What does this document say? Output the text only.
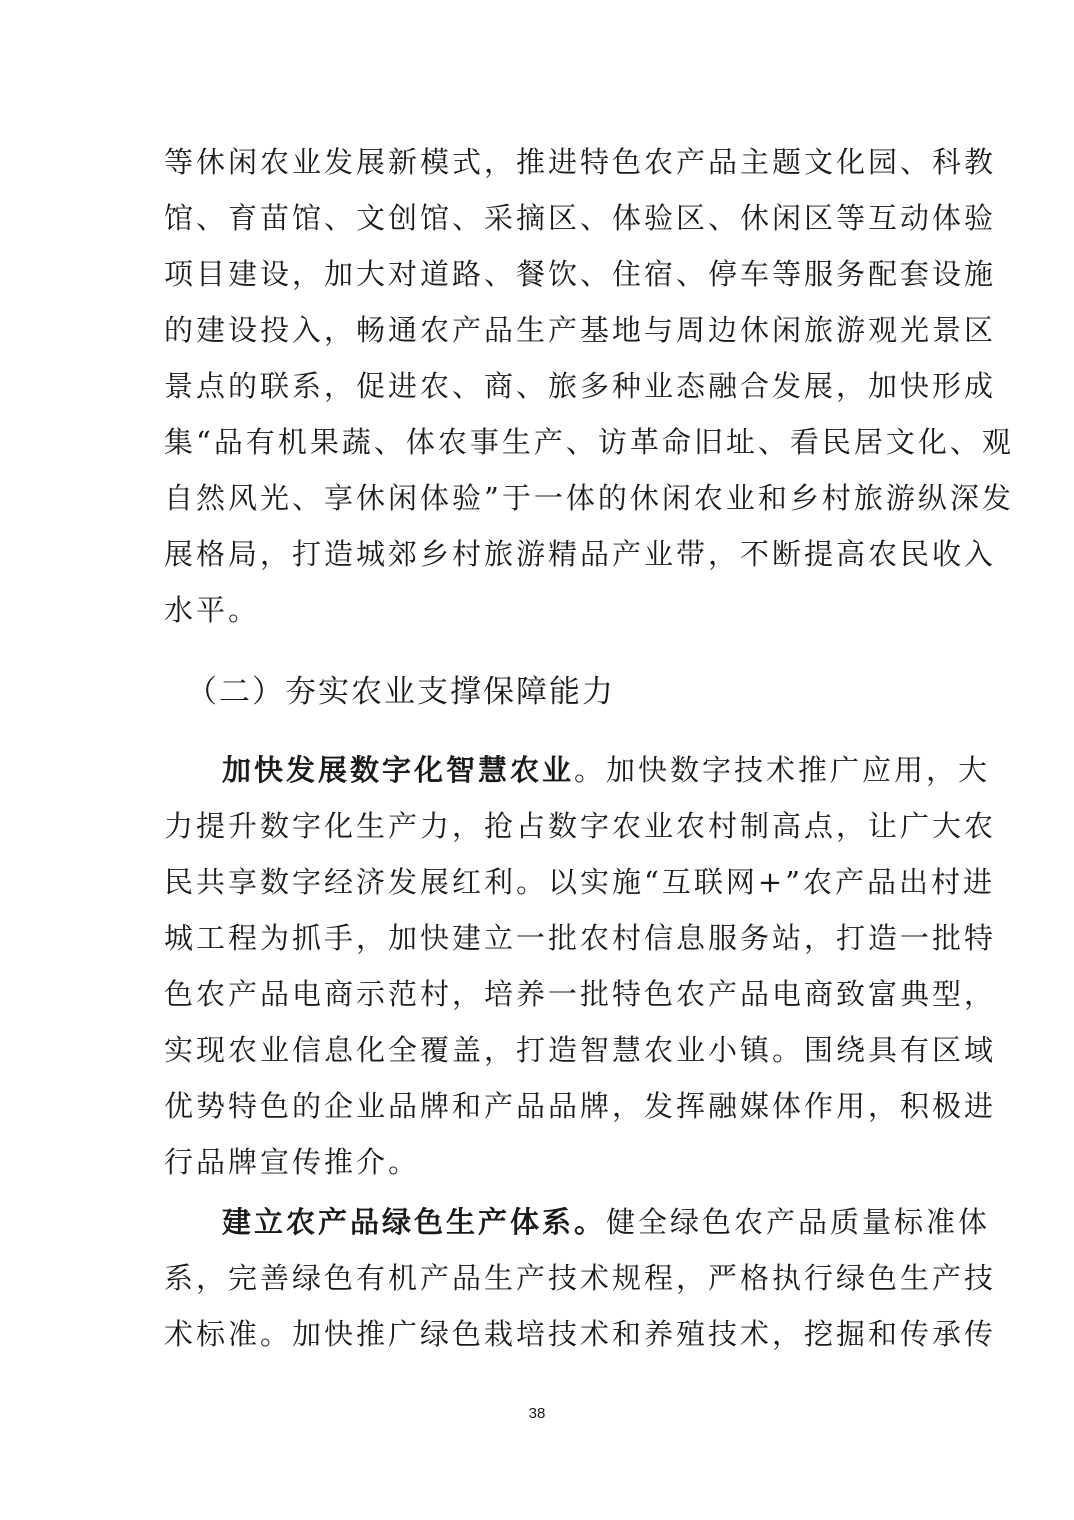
等休闲农业发展新模式，推进特色农产品主题文化园、科教
馆、育苗馆、文创馆、采摘区、体验区、休闲区等互动体验
项目建设，加大对道路、餐饮、住宿、停车等服务配套设施
的建设投入，畅通农产品生产基地与周边休闲旅游观光景区
景点的联系，促进农、商、旅多种业态融合发展，加快形成
集“品有机果蔬、体农事生产、访革命旧址、看民居文化、观
自然风光、享休闲体验”于一体的休闲农业和乡村旅游纵深发
展格局，打造城郊乡村旅游精品产业带，不断提高农民收入
水平。
（二）夯实农业支撑保障能力
加快发展数字化智慧农业。加快数字技术推广应用，大
力提升数字化生产力，抢占数字农业农村制高点，让广大农
民共享数字经济发展红利。以实施“互联网+”农产品出村进
城工程为抓手，加快建立一批农村信息服务站，打造一批特
色农产品电商示范村，培养一批特色农产品电商致富典型，
实现农业信息化全覆盖，打造智慧农业小镇。围绕具有区域
优势特色的企业品牌和产品品牌，发挥融媒体作用，积极进
行品牌宣传推介。
建立农产品绿色生产体系。健全绿色农产品质量标准体
系，完善绿色有机产品生产技术规程，严格执行绿色生产技
术标准。加快推广绿色栽培技术和养殖技术，挖掘和传承传
38
